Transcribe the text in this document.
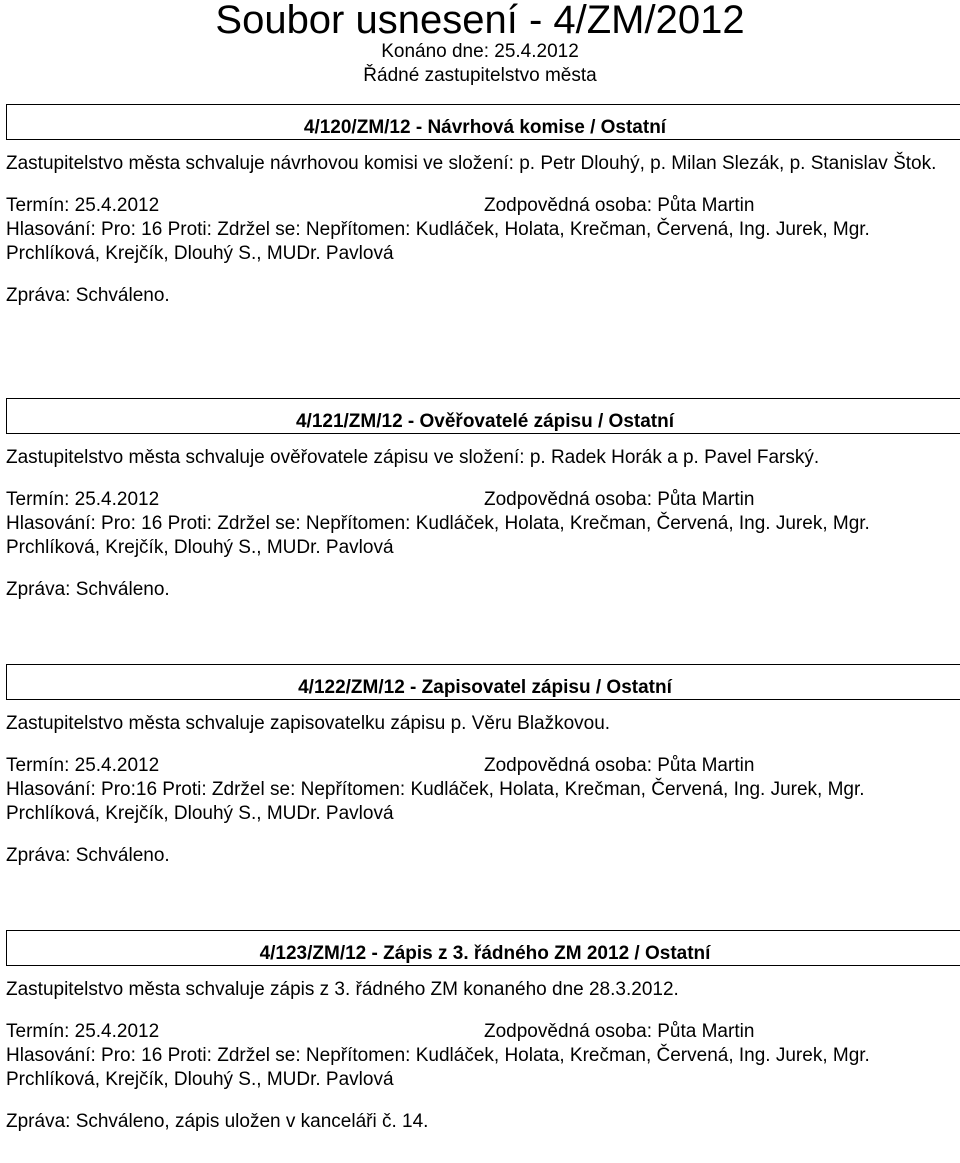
Soubor usnesení - 4/ZM/2012
Konáno dne: 25.4.2012
Řádné zastupitelstvo města
4/120/ZM/12 - Návrhová komise / Ostatní

Zastupitelstvo města schvaluje návrhovou komisi ve složení: p. Petr Dlouhý, p. Milan Slezák, p. Stanislav Štok.

Termín: 25.4.2012	Zodpovědná osoba: Půta Martin

Hlasování: Pro: 16 Proti: Zdržel se: Nepřítomen: Kudláček, Holata, Krečman, Červená, Ing. Jurek, Mgr. Prchlíková, Krejčík, Dlouhý S., MUDr. Pavlová

Zpráva: Schváleno.

4/121/ZM/12 - Ověřovatelé zápisu / Ostatní

Zastupitelstvo města schvaluje ověřovatele zápisu ve složení: p. Radek Horák a p. Pavel Farský.

Termín: 25.4.2012	Zodpovědná osoba: Půta Martin

Hlasování: Pro: 16 Proti: Zdržel se: Nepřítomen: Kudláček, Holata, Krečman, Červená, Ing. Jurek, Mgr. Prchlíková, Krejčík, Dlouhý S., MUDr. Pavlová

Zpráva: Schváleno.

4/122/ZM/12 - Zapisovatel zápisu / Ostatní

Zastupitelstvo města schvaluje zapisovatelku zápisu p. Věru Blažkovou.

Termín: 25.4.2012	Zodpovědná osoba: Půta Martin

Hlasování: Pro:16 Proti: Zdržel se: Nepřítomen: Kudláček, Holata, Krečman, Červená, Ing. Jurek, Mgr. Prchlíková, Krejčík, Dlouhý S., MUDr. Pavlová

Zpráva: Schváleno.

4/123/ZM/12 - Zápis z 3. řádného ZM 2012 / Ostatní

Zastupitelstvo města schvaluje zápis z 3. řádného ZM konaného dne 28.3.2012.

Termín: 25.4.2012	Zodpovědná osoba: Půta Martin

Hlasování: Pro: 16 Proti: Zdržel se: Nepřítomen: Kudláček, Holata, Krečman, Červená, Ing. Jurek, Mgr. Prchlíková, Krejčík, Dlouhý S., MUDr. Pavlová

Zpráva: Schváleno, zápis uložen v kanceláři č. 14.
